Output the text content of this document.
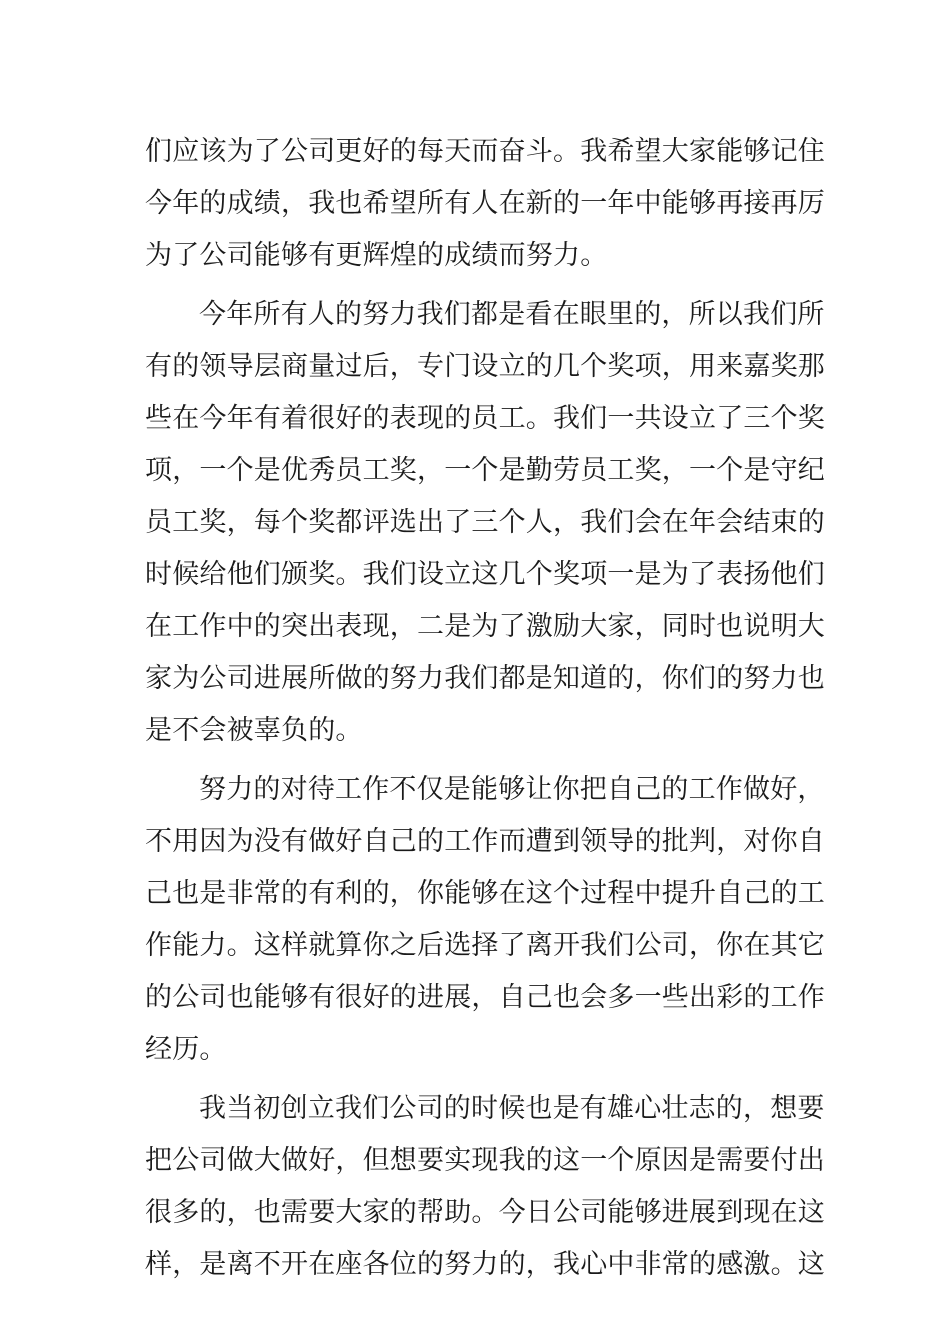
们应该为了公司更好的每天而奋斗。我希望大家能够记住
今年的成绩，我也希望所有人在新的一年中能够再接再厉
为了公司能够有更辉煌的成绩而努力。
今年所有人的努力我们都是看在眼里的，所以我们所
有的领导层商量过后，专门设立的几个奖项，用来嘉奖那
些在今年有着很好的表现的员工。我们一共设立了三个奖
项，一个是优秀员工奖，一个是勤劳员工奖，一个是守纪
员工奖，每个奖都评选出了三个人，我们会在年会结束的
时候给他们颁奖。我们设立这几个奖项一是为了表扬他们
在工作中的突出表现，二是为了激励大家，同时也说明大
家为公司进展所做的努力我们都是知道的，你们的努力也
是不会被辜负的。
努力的对待工作不仅是能够让你把自己的工作做好，
不用因为没有做好自己的工作而遭到领导的批判，对你自
己也是非常的有利的，你能够在这个过程中提升自己的工
作能力。这样就算你之后选择了离开我们公司，你在其它
的公司也能够有很好的进展，自己也会多一些出彩的工作
经历。
我当初创立我们公司的时候也是有雄心壮志的，想要
把公司做大做好，但想要实现我的这一个原因是需要付出
很多的，也需要大家的帮助。今日公司能够进展到现在这
样，是离不开在座各位的努力的，我心中非常的感激。这
